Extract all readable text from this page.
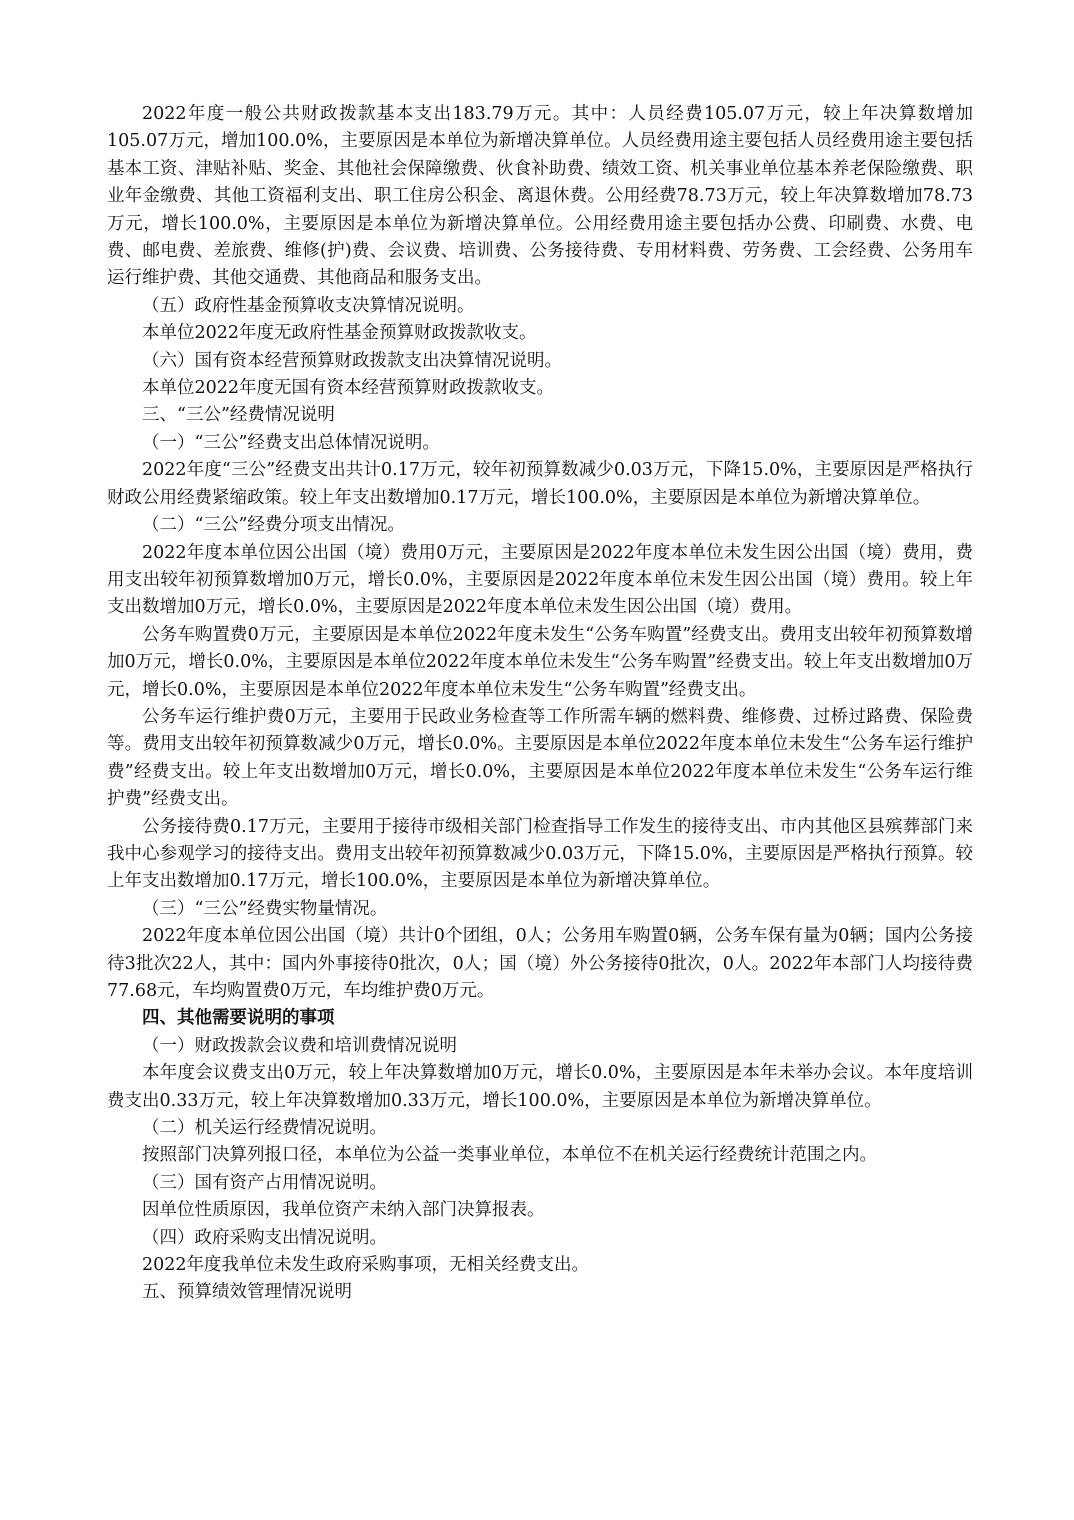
2022年度一般公共财政拨款基本支出183.79万元。其中：人员经费105.07万元，较上年决算数增加105.07万元，增加100.0%，主要原因是本单位为新增决算单位。人员经费用途主要包括人员经费用途主要包括基本工资、津贴补贴、奖金、其他社会保障缴费、伙食补助费、绩效工资、机关事业单位基本养老保险缴费、职业年金缴费、其他工资福利支出、职工住房公积金、离退休费。公用经费78.73万元，较上年决算数增加78.73万元，增长100.0%，主要原因是本单位为新增决算单位。公用经费用途主要包括办公费、印刷费、水费、电费、邮电费、差旅费、维修(护)费、会议费、培训费、公务接待费、专用材料费、劳务费、工会经费、公务用车运行维护费、其他交通费、其他商品和服务支出。

（五）政府性基金预算收支决算情况说明。

本单位2022年度无政府性基金预算财政拨款收支。

（六）国有资本经营预算财政拨款支出决算情况说明。

本单位2022年度无国有资本经营预算财政拨款收支。

三、“三公”经费情况说明

（一）“三公”经费支出总体情况说明。

2022年度“三公”经费支出共计0.17万元，较年初预算数减少0.03万元，下降15.0%，主要原因是严格执行财政公用经费紧缩政策。较上年支出数增加0.17万元，增长100.0%，主要原因是本单位为新增决算单位。

（二）“三公”经费分项支出情况。

2022年度本单位因公出国（境）费用0万元，主要原因是2022年度本单位未发生因公出国（境）费用，费用支出较年初预算数增加0万元，增长0.0%，主要原因是2022年度本单位未发生因公出国（境）费用。较上年支出数增加0万元，增长0.0%，主要原因是2022年度本单位未发生因公出国（境）费用。

公务车购置费0万元，主要原因是本单位2022年度未发生“公务车购置”经费支出。费用支出较年初预算数增加0万元，增长0.0%，主要原因是本单位2022年度本单位未发生“公务车购置”经费支出。较上年支出数增加0万元，增长0.0%，主要原因是本单位2022年度本单位未发生“公务车购置”经费支出。

公务车运行维护费0万元，主要用于民政业务检查等工作所需车辆的燃料费、维修费、过桥过路费、保险费等。费用支出较年初预算数减少0万元，增长0.0%。主要原因是本单位2022年度本单位未发生“公务车运行维护费”经费支出。较上年支出数增加0万元，增长0.0%，主要原因是本单位2022年度本单位未发生“公务车运行维护费”经费支出。

公务接待费0.17万元，主要用于接待市级相关部门检查指导工作发生的接待支出、市内其他区县殡葬部门来我中心参观学习的接待支出。费用支出较年初预算数减少0.03万元，下降15.0%，主要原因是严格执行预算。较上年支出数增加0.17万元，增长100.0%，主要原因是本单位为新增决算单位。

（三）“三公”经费实物量情况。

2022年度本单位因公出国（境）共计0个团组，0人；公务用车购置0辆，公务车保有量为0辆；国内公务接待3批次22人，其中：国内外事接待0批次，0人；国（境）外公务接待0批次，0人。2022年本部门人均接待费77.68元，车均购置费0万元，车均维护费0万元。

四、其他需要说明的事项

（一）财政拨款会议费和培训费情况说明

本年度会议费支出0万元，较上年决算数增加0万元，增长0.0%，主要原因是本年未举办会议。本年度培训费支出0.33万元，较上年决算数增加0.33万元，增长100.0%，主要原因是本单位为新增决算单位。

（二）机关运行经费情况说明。

按照部门决算列报口径，本单位为公益一类事业单位，本单位不在机关运行经费统计范围之内。

（三）国有资产占用情况说明。

因单位性质原因，我单位资产未纳入部门决算报表。

（四）政府采购支出情况说明。

2022年度我单位未发生政府采购事项，无相关经费支出。

五、预算绩效管理情况说明
